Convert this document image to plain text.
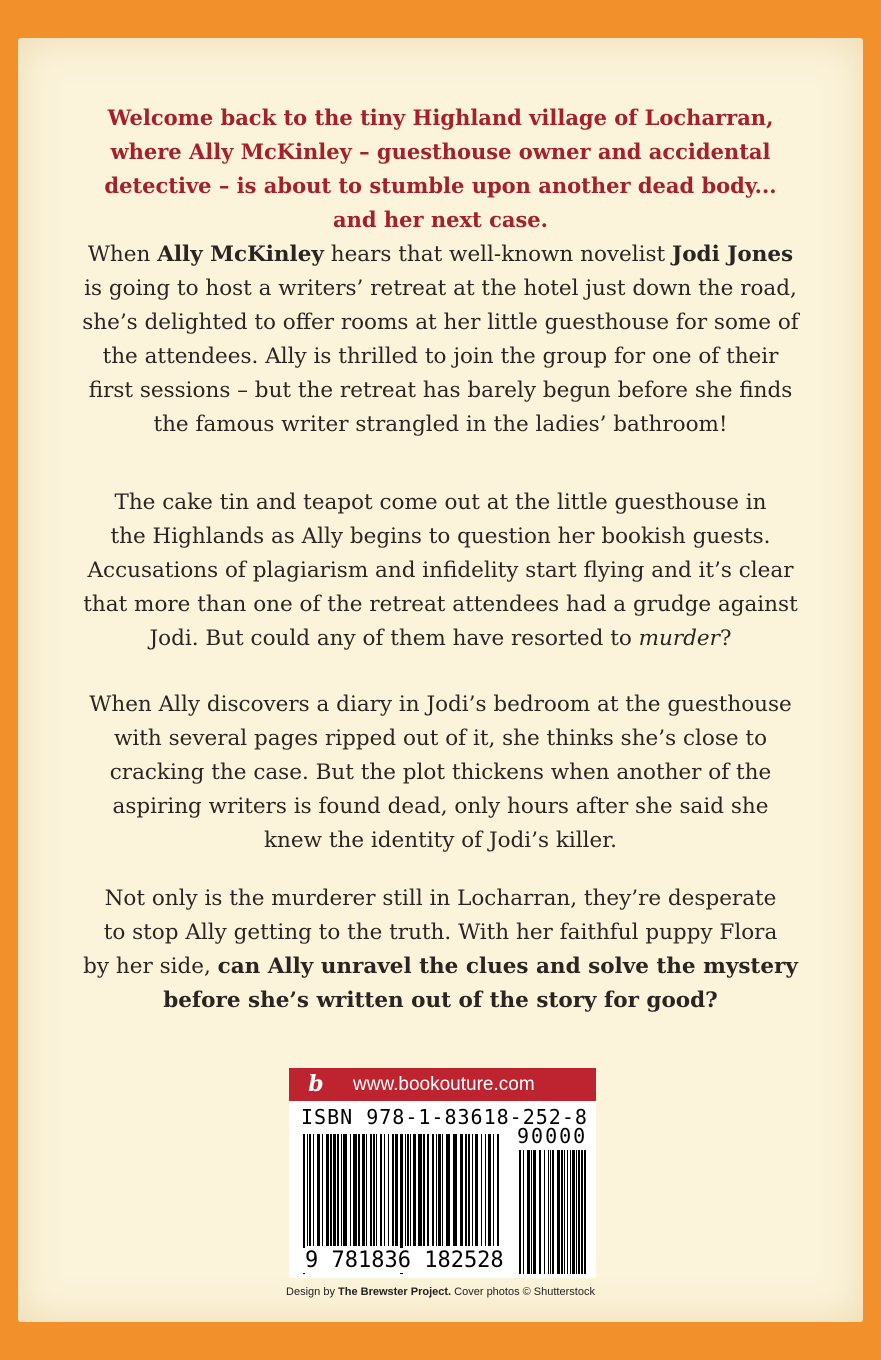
Welcome back to the tiny Highland village of Locharran,
where Ally McKinley – guesthouse owner and accidental
detective – is about to stumble upon another dead body...
and her next case.
When Ally McKinley hears that well-known novelist Jodi Jones
is going to host a writers’ retreat at the hotel just down the road,
she’s delighted to offer rooms at her little guesthouse for some of
the attendees. Ally is thrilled to join the group for one of their
first sessions – but the retreat has barely begun before she finds
the famous writer strangled in the ladies’ bathroom!
The cake tin and teapot come out at the little guesthouse in
the Highlands as Ally begins to question her bookish guests.
Accusations of plagiarism and infidelity start flying and it’s clear
that more than one of the retreat attendees had a grudge against
Jodi. But could any of them have resorted to murder?
When Ally discovers a diary in Jodi’s bedroom at the guesthouse
with several pages ripped out of it, she thinks she’s close to
cracking the case. But the plot thickens when another of the
aspiring writers is found dead, only hours after she said she
knew the identity of Jodi’s killer.
Not only is the murderer still in Locharran, they’re desperate
to stop Ally getting to the truth. With her faithful puppy Flora
by her side, can Ally unravel the clues and solve the mystery
before she’s written out of the story for good?
b	www.bookouture.com
ISBN 978-1-83618-252-8
90000
9 781836 182528
Design by The Brewster Project. Cover photos © Shutterstock
